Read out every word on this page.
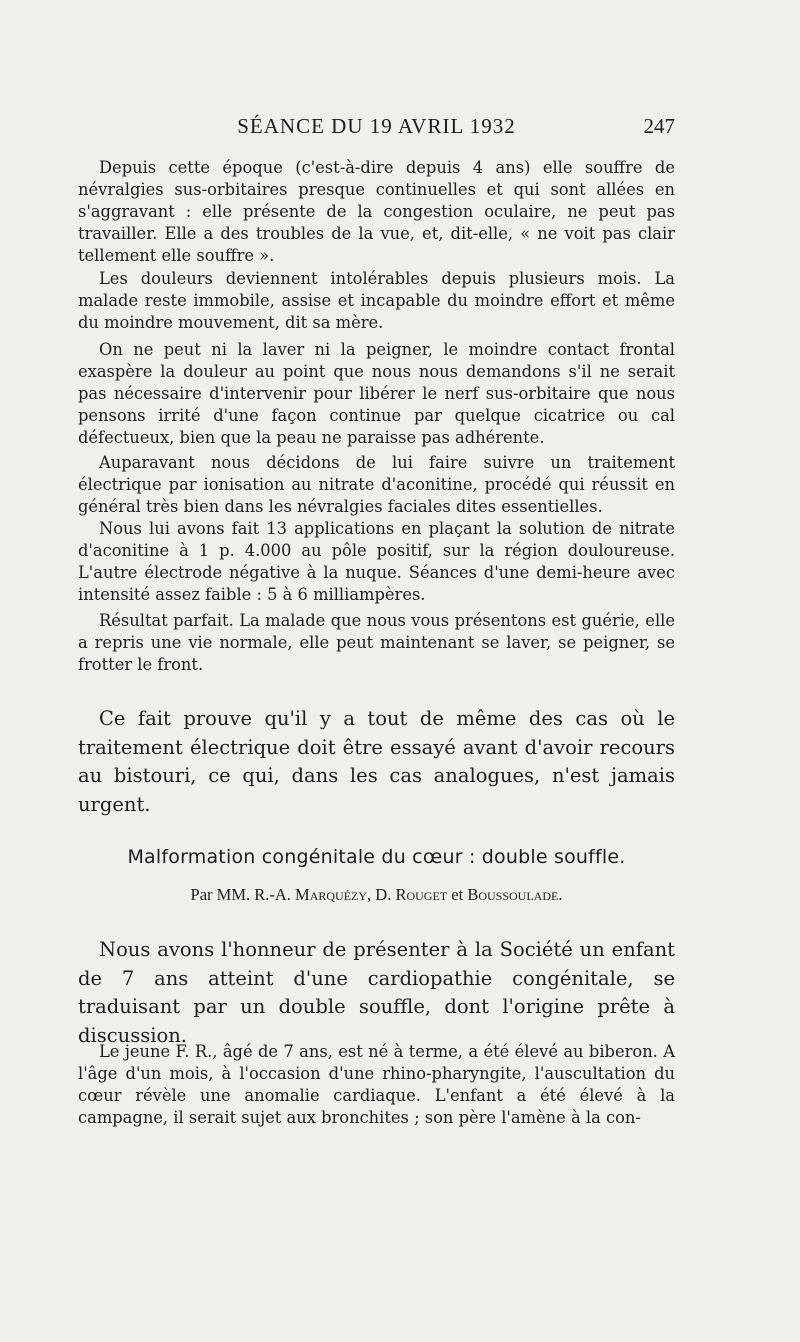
SÉANCE DU 19 AVRIL 1932	247

Depuis cette époque (c'est-à-dire depuis 4 ans) elle souffre de névralgies sus-orbitaires presque continuelles et qui sont allées en s'aggravant : elle présente de la congestion oculaire, ne peut pas travailler. Elle a des troubles de la vue, et, dit-elle, « ne voit pas clair tellement elle souffre ».

Les douleurs deviennent intolérables depuis plusieurs mois. La malade reste immobile, assise et incapable du moindre effort et même du moindre mouvement, dit sa mère.

On ne peut ni la laver ni la peigner, le moindre contact frontal exaspère la douleur au point que nous nous demandons s'il ne serait pas nécessaire d'intervenir pour libérer le nerf sus-orbitaire que nous pensons irrité d'une façon continue par quelque cicatrice ou cal défectueux, bien que la peau ne paraisse pas adhérente.

Auparavant nous décidons de lui faire suivre un traitement électrique par ionisation au nitrate d'aconitine, procédé qui réussit en général très bien dans les névralgies faciales dites essentielles.

Nous lui avons fait 13 applications en plaçant la solution de nitrate d'aconitine à 1 p. 4.000 au pôle positif, sur la région douloureuse. L'autre électrode négative à la nuque. Séances d'une demi-heure avec intensité assez faible : 5 à 6 milliampères.

Résultat parfait. La malade que nous vous présentons est guérie, elle a repris une vie normale, elle peut maintenant se laver, se peigner, se frotter le front.

Ce fait prouve qu'il y a tout de même des cas où le traitement électrique doit être essayé avant d'avoir recours au bistouri, ce qui, dans les cas analogues, n'est jamais urgent.

Malformation congénitale du cœur : double souffle.
Par MM. R.-A. Marquézy, D. Rouget et Boussoulade.

Nous avons l'honneur de présenter à la Société un enfant de 7 ans atteint d'une cardiopathie congénitale, se traduisant par un double souffle, dont l'origine prête à discussion.

Le jeune F. R., âgé de 7 ans, est né à terme, a été élevé au biberon. A l'âge d'un mois, à l'occasion d'une rhino-pharyngite, l'auscultation du cœur révèle une anomalie cardiaque. L'enfant a été élevé à la campagne, il serait sujet aux bronchites ; son père l'amène à la con-
